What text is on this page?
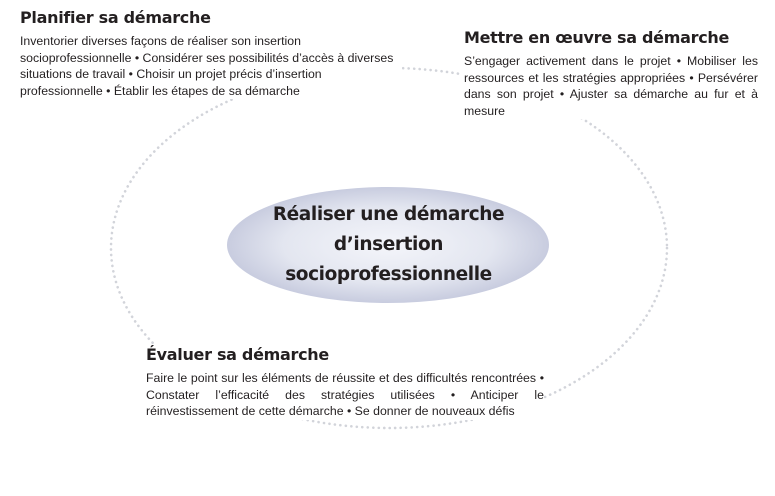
Réaliser une démarche d’insertion socioprofessionnelle
Planifier sa démarche

Inventorier diverses façons de réaliser son insertion socioprofessionnelle • Considérer ses possibilités d’accès à diverses situations de travail • Choisir un projet précis d’insertion professionnelle • Établir les étapes de sa démarche

Mettre en œuvre sa démarche

S’engager activement dans le projet • Mobiliser les ressources et les stratégies appropriées • Persévérer dans son projet • Ajuster sa démarche au fur et à mesure

Évaluer sa démarche

Faire le point sur les éléments de réussite et des difficultés rencontrées • Constater l’efficacité des stratégies utilisées • Anticiper le réinvestissement de cette démarche • Se donner de nouveaux défis
